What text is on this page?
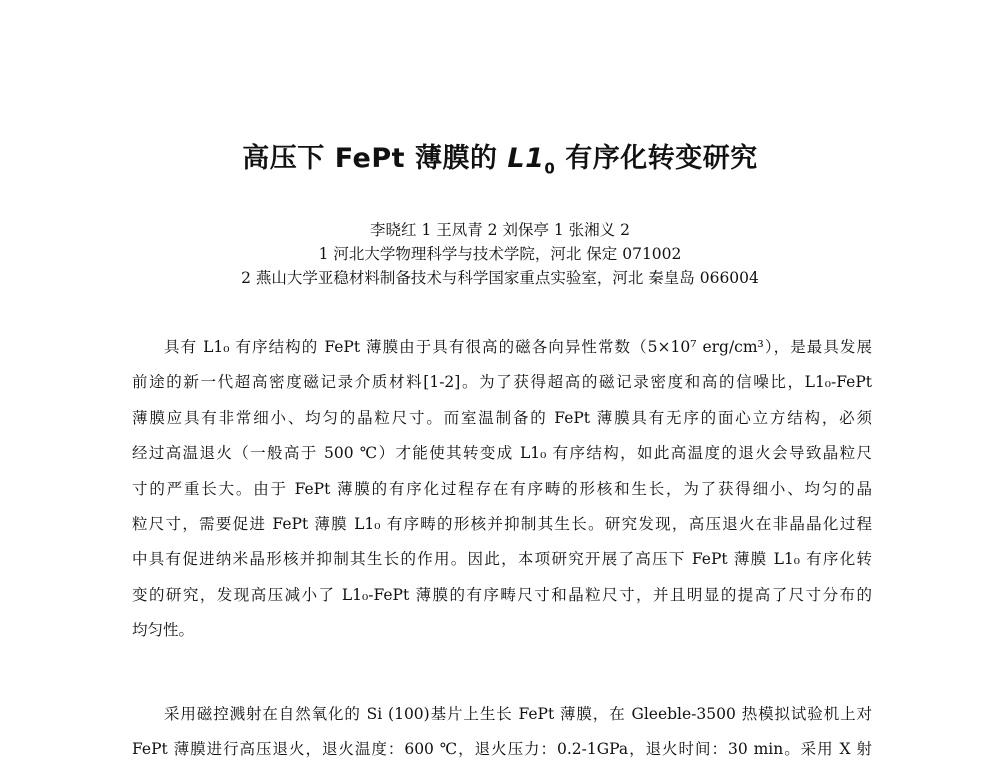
高压下 FePt 薄膜的 $L1_0$ 有序化转变研究
李晓红 1 王凤青 2 刘保亭 1 张湘义 2
1 河北大学物理科学与技术学院，河北 保定 071002
2 燕山大学亚稳材料制备技术与科学国家重点实验室，河北 秦皇岛 066004
具有 L1₀ 有序结构的 FePt 薄膜由于具有很高的磁各向异性常数（5×10⁷ erg/cm³），是最具发展
前途的新一代超高密度磁记录介质材料[1-2]。为了获得超高的磁记录密度和高的信噪比，L1₀-FePt
薄膜应具有非常细小、均匀的晶粒尺寸。而室温制备的 FePt 薄膜具有无序的面心立方结构，必须
经过高温退火（一般高于 500 ℃）才能使其转变成 L1₀ 有序结构，如此高温度的退火会导致晶粒尺
寸的严重长大。由于 FePt 薄膜的有序化过程存在有序畴的形核和生长，为了获得细小、均匀的晶
粒尺寸，需要促进 FePt 薄膜 L1₀ 有序畴的形核并抑制其生长。研究发现，高压退火在非晶晶化过程
中具有促进纳米晶形核并抑制其生长的作用。因此，本项研究开展了高压下 FePt 薄膜 L1₀ 有序化转
变的研究，发现高压减小了 L1₀-FePt 薄膜的有序畴尺寸和晶粒尺寸，并且明显的提高了尺寸分布的
均匀性。
采用磁控溅射在自然氧化的 Si (100)基片上生长 FePt 薄膜，在 Gleeble-3500 热模拟试验机上对
FePt 薄膜进行高压退火，退火温度：600 ℃，退火压力：0.2-1GPa，退火时间：30 min。采用 X 射
